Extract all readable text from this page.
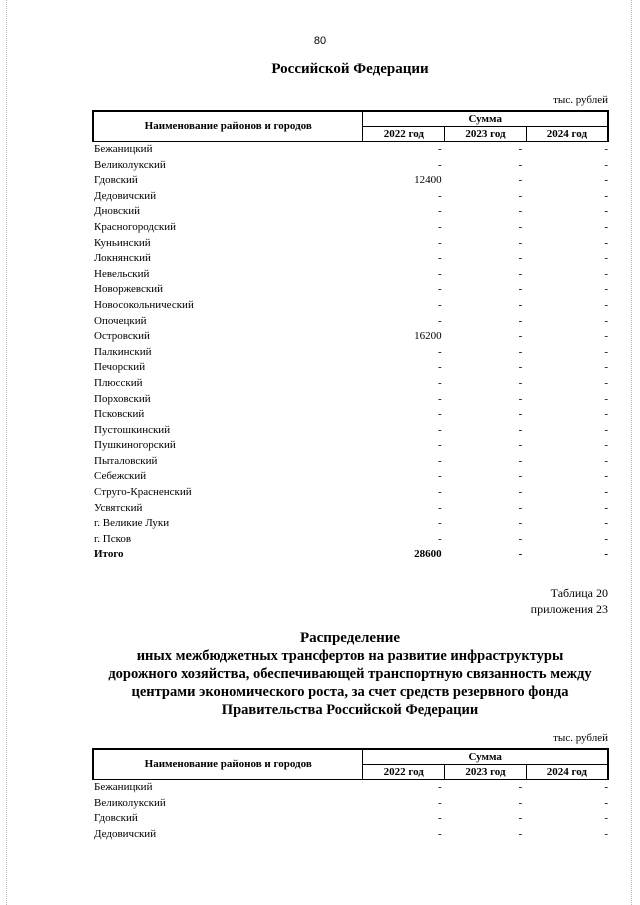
80
Российской Федерации
тыс. рублей
Наименование районов и городов	Сумма		
	2022 год	2023 год	2024 год
Бежаницкий	-	-	-
Великолукский	-	-	-
Гдовский	12400	-	-
Дедовичский	-	-	-
Дновский	-	-	-
Красногородский	-	-	-
Куньинский	-	-	-
Локнянский	-	-	-
Невельский	-	-	-
Новоржевский	-	-	-
Новосокольнический	-	-	-
Опочецкий	-	-	-
Островский	16200	-	-
Палкинский	-	-	-
Печорский	-	-	-
Плюсский	-	-	-
Порховский	-	-	-
Псковский	-	-	-
Пустошкинский	-	-	-
Пушкиногорский	-	-	-
Пыталовский	-	-	-
Себежский	-	-	-
Струго-Красненский	-	-	-
Усвятский	-	-	-
г. Великие Луки	-	-	-
г. Псков	-	-	-
Итого	28600	-	-
Таблица 20
приложения 23
Распределение
иных межбюджетных трансфертов на развитие инфраструктуры
дорожного хозяйства, обеспечивающей транспортную связанность между
центрами экономического роста, за счет средств резервного фонда
Правительства Российской Федерации
тыс. рублей
Наименование районов и городов	Сумма		
	2022 год	2023 год	2024 год
Бежаницкий	-	-	-
Великолукский	-	-	-
Гдовский	-	-	-
Дедовичский	-	-	-
